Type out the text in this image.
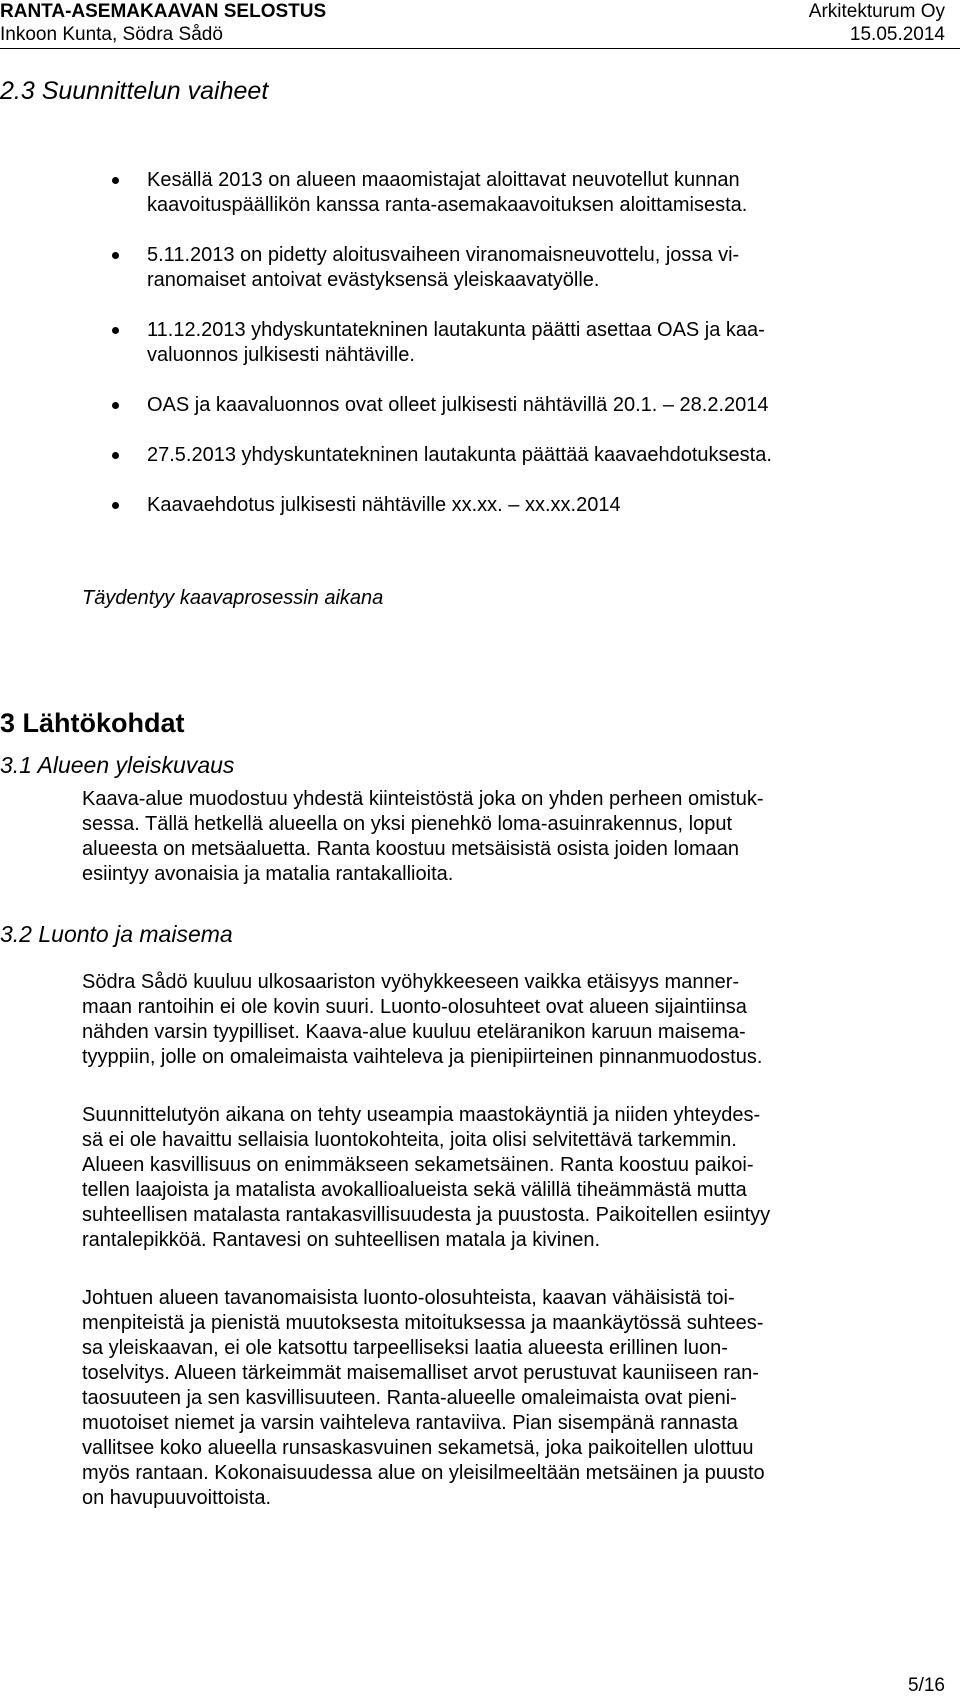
RANTA-ASEMAKAAVAN SELOSTUS	Arkitekturum Oy
Inkoon Kunta, Södra Sådö	15.05.2014
2.3 Suunnittelun vaiheet
Kesällä 2013 on alueen maaomistajat aloittavat neuvotellut kunnan
kaavoituspäällikön kanssa ranta-asemakaavoituksen aloittamisesta.
5.11.2013 on pidetty aloitusvaiheen viranomaisneuvottelu, jossa vi-
ranomaiset antoivat evästyksensä yleiskaavatyölle.
11.12.2013 yhdyskuntatekninen lautakunta päätti asettaa OAS ja kaa-
valuonnos julkisesti nähtäville.
OAS ja kaavaluonnos ovat olleet julkisesti nähtävillä 20.1. – 28.2.2014
27.5.2013 yhdyskuntatekninen lautakunta päättää kaavaehdotuksesta.
Kaavaehdotus julkisesti nähtäville xx.xx. – xx.xx.2014
Täydentyy kaavaprosessin aikana
3 Lähtökohdat
3.1 Alueen yleiskuvaus

Kaava-alue muodostuu yhdestä kiinteistöstä joka on yhden perheen omistuk-
sessa. Tällä hetkellä alueella on yksi pienehkö loma-asuinrakennus, loput
alueesta on metsäaluetta. Ranta koostuu metsäisistä osista joiden lomaan
esiintyy avonaisia ja matalia rantakallioita.

3.2 Luonto ja maisema

Södra Sådö kuuluu ulkosaariston vyöhykkeeseen vaikka etäisyys manner-
maan rantoihin ei ole kovin suuri. Luonto-olosuhteet ovat alueen sijaintiinsa
nähden varsin tyypilliset. Kaava-alue kuuluu eteläranikon karuun maisema-
tyyppiin, jolle on omaleimaista vaihteleva ja pienipiirteinen pinnanmuodostus.

Suunnittelutyön aikana on tehty useampia maastokäyntiä ja niiden yhteydes-
sä ei ole havaittu sellaisia luontokohteita, joita olisi selvitettävä tarkemmin.
Alueen kasvillisuus on enimmäkseen sekametsäinen. Ranta koostuu paikoi-
tellen laajoista ja matalista avokallioalueista sekä välillä tiheämmästä mutta
suhteellisen matalasta rantakasvillisuudesta ja puustosta. Paikoitellen esiintyy
rantalepikköä. Rantavesi on suhteellisen matala ja kivinen.

Johtuen alueen tavanomaisista luonto-olosuhteista, kaavan vähäisistä toi-
menpiteistä ja pienistä muutoksesta mitoituksessa ja maankäytössä suhtees-
sa yleiskaavan, ei ole katsottu tarpeelliseksi laatia alueesta erillinen luon-
toselvitys. Alueen tärkeimmät maisemalliset arvot perustuvat kauniiseen ran-
taosuuteen ja sen kasvillisuuteen. Ranta-alueelle omaleimaista ovat pieni-
muotoiset niemet ja varsin vaihteleva rantaviiva. Pian sisempänä rannasta
vallitsee koko alueella runsaskasvuinen sekametsä, joka paikoitellen ulottuu
myös rantaan. Kokonaisuudessa alue on yleisilmeeltään metsäinen ja puusto
on havupuuvoittoista.

5/16
